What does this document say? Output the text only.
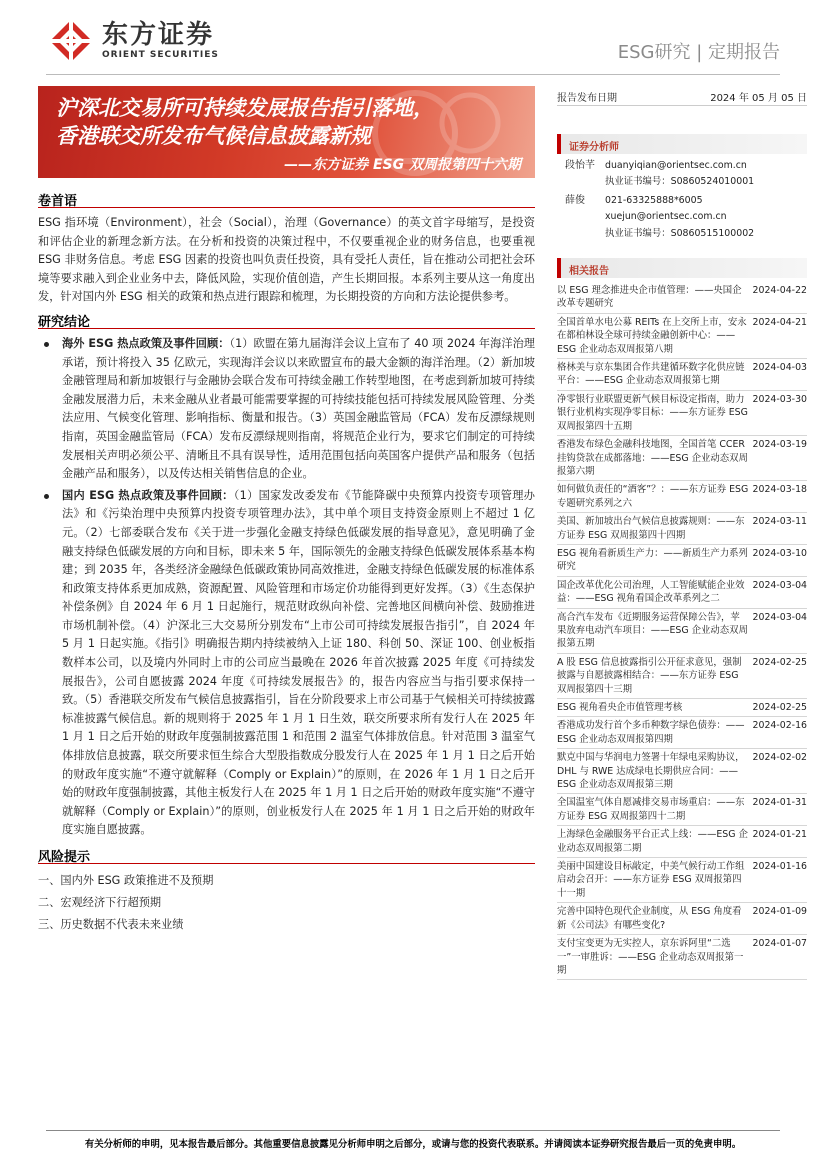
东方证券
ORIENT SECURITIES	ESG研究 | 定期报告
沪深北交易所可持续发展报告指引落地，
香港联交所发布气候信息披露新规
——东方证券 ESG 双周报第四十六期
报告发布日期	2024 年 05 月 05 日
证券分析师
段怡芊	duanyiqian@orientsec.com.cn
执业证书编号：S0860524010001
薛俊	021-63325888*6005
xuejun@orientsec.com.cn
执业证书编号：S0860515100002
相关报告
以 ESG 理念推进央企市值管理：——央国企改革专题研究
2024-04-22
全国首单水电公募 REITs 在上交所上市，安永在都柏林设全球可持续金融创新中心：——ESG 企业动态双周报第八期
2024-04-21
格林美与京东集团合作共建循环数字化供应链平台：——ESG 企业动态双周报第七期
2024-04-03
净零银行业联盟更新气候目标设定指南，助力银行业机构实现净零目标：——东方证券 ESG 双周报第四十五期
2024-03-30
香港发布绿色金融科技地图，全国首笔 CCER 挂钩贷款在成都落地：——ESG 企业动态双周报第六期
2024-03-19
如何做负责任的“酒客”？：——东方证券 ESG 专题研究系列之六
2024-03-18
美国、新加坡出台气候信息披露规则：——东方证券 ESG 双周报第四十四期
2024-03-11
ESG 视角看新质生产力：——新质生产力系列研究
2024-03-10
国企改革优化公司治理，人工智能赋能企业效益：——ESG 视角看国企改革系列之二
2024-03-04
高合汽车发布《近期服务运营保障公告》，苹果放弃电动汽车项目：——ESG 企业动态双周报第五期
2024-03-04
A 股 ESG 信息披露指引公开征求意见，强制披露与自愿披露相结合：——东方证券 ESG 双周报第四十三期
2024-02-25
ESG 视角看央企市值管理考核	2024-02-25
香港成功发行首个多币种数字绿色债券：——ESG 企业动态双周报第四期
2024-02-16
默克中国与华润电力签署十年绿电采购协议，DHL 与 RWE 达成绿电长期供应合同：——ESG 企业动态双周报第三期
2024-02-02
全国温室气体自愿减排交易市场重启：——东方证券 ESG 双周报第四十二期
2024-01-31
上海绿色金融服务平台正式上线：——ESG 企业动态双周报第二期
2024-01-21
美丽中国建设目标敲定，中美气候行动工作组启动会召开：——东方证券 ESG 双周报第四十一期
2024-01-16
完善中国特色现代企业制度，从 ESG 角度看新《公司法》有哪些变化?
2024-01-09
支付宝变更为无实控人，京东诉阿里“二选一”一审胜诉：——ESG 企业动态双周报第一期
2024-01-07
卷首语
ESG 指环境（Environment），社会（Social），治理（Governance）的英文首字母缩写，是投资和评估企业的新理念新方法。在分析和投资的决策过程中，不仅要重视企业的财务信息，也要重视 ESG 非财务信息。考虑 ESG 因素的投资也叫负责任投资，具有受托人责任，旨在推动公司把社会环境等要求融入到企业业务中去，降低风险，实现价值创造，产生长期回报。本系列主要从这一角度出发，针对国内外 ESG 相关的政策和热点进行跟踪和梳理，为长期投资的方向和方法论提供参考。
研究结论
海外 ESG 热点政策及事件回顾：（1）欧盟在第九届海洋会议上宣布了 40 项 2024 年海洋治理承诺，预计将投入 35 亿欧元，实现海洋会议以来欧盟宣布的最大金额的海洋治理。（2）新加坡金融管理局和新加坡银行与金融协会联合发布可持续金融工作转型地图，在考虑到新加坡可持续金融发展潜力后，未来金融从业者最可能需要掌握的可持续技能包括可持续发展风险管理、分类法应用、气候变化管理、影响指标、衡量和报告。（3）英国金融监管局（FCA）发布反漂绿规则指南，英国金融监管局（FCA）发布反漂绿规则指南，将规范企业行为，要求它们制定的可持续发展相关声明必须公平、清晰且不具有误导性，适用范围包括向英国客户提供产品和服务（包括金融产品和服务），以及传达相关销售信息的企业。
国内 ESG 热点政策及事件回顾：（1）国家发改委发布《节能降碳中央预算内投资专项管理办法》和《污染治理中央预算内投资专项管理办法》，其中单个项目支持资金原则上不超过 1 亿元。（2）七部委联合发布《关于进一步强化金融支持绿色低碳发展的指导意见》，意见明确了金融支持绿色低碳发展的方向和目标，即未来 5 年，国际领先的金融支持绿色低碳发展体系基本构建；到 2035 年，各类经济金融绿色低碳政策协同高效推进，金融支持绿色低碳发展的标准体系和政策支持体系更加成熟，资源配置、风险管理和市场定价功能得到更好发挥。（3）《生态保护补偿条例》自 2024 年 6 月 1 日起施行，规范财政纵向补偿、完善地区间横向补偿、鼓励推进市场机制补偿。（4）沪深北三大交易所分别发布“上市公司可持续发展报告指引”，自 2024 年 5 月 1 日起实施。《指引》明确报告期内持续被纳入上证 180、科创 50、深证 100、创业板指数样本公司，以及境内外同时上市的公司应当最晚在 2026 年首次披露 2025 年度《可持续发展报告》，公司自愿披露 2024 年度《可持续发展报告》的，报告内容应当与指引要求保持一致。（5）香港联交所发布气候信息披露指引，旨在分阶段要求上市公司基于气候相关可持续披露标准披露气候信息。新的规则将于 2025 年 1 月 1 日生效，联交所要求所有发行人在 2025 年 1 月 1 日之后开始的财政年度强制披露范围 1 和范围 2 温室气体排放信息。针对范围 3 温室气体排放信息披露，联交所要求恒生综合大型股指数成分股发行人在 2025 年 1 月 1 日之后开始的财政年度实施“不遵守就解释（Comply or Explain）”的原则，在 2026 年 1 月 1 日之后开始的财政年度强制披露，其他主板发行人在 2025 年 1 月 1 日之后开始的财政年度实施“不遵守就解释（Comply or Explain）”的原则，创业板发行人在 2025 年 1 月 1 日之后开始的财政年度实施自愿披露。
风险提示
一、国内外 ESG 政策推进不及预期
二、宏观经济下行超预期
三、历史数据不代表未来业绩
有关分析师的申明，见本报告最后部分。其他重要信息披露见分析师申明之后部分，或请与您的投资代表联系。并请阅读本证券研究报告最后一页的免责申明。
